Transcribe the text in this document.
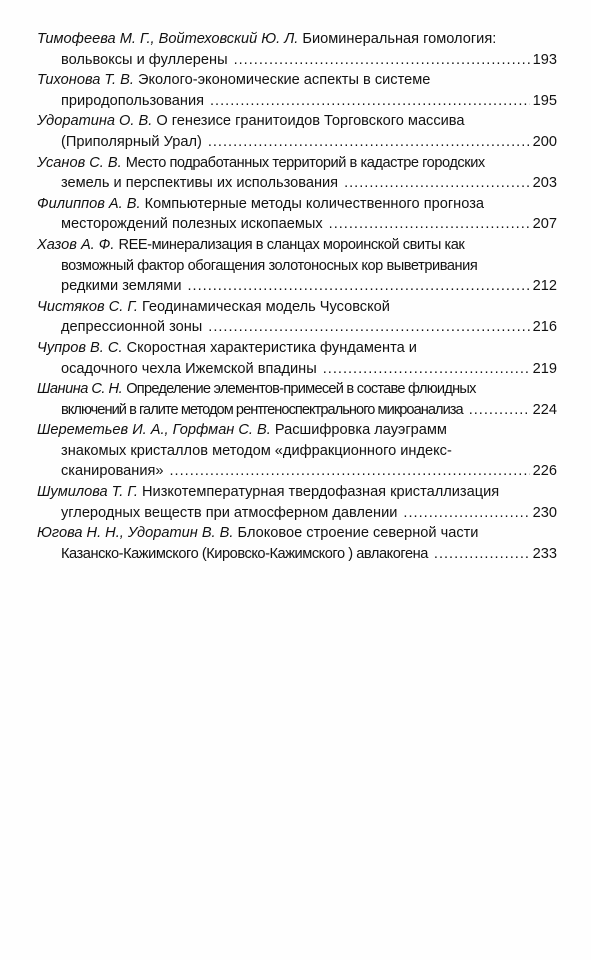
Тимофеева М. Г., Войтеховский Ю. Л.
Биоминеральная гомология:
вольвоксы и фуллерены .....	193
Тихонова Т. В.
Эколого-экономические аспекты в системе
природопользования .....	195
Удоратина О. В.
О генезисе гранитоидов Торговского массива
(Приполярный Урал) .....	200
Усанов С. В.
Место подработанных территорий в кадастре городских
земель и перспективы их использования .....	203
Филиппов А. В.
Компьютерные методы количественного прогноза
месторождений полезных ископаемых .....	207
Хазов А. Ф.
REE-минерализация в сланцах мороинской свиты как
возможный фактор обогащения золотоносных кор выветривания
редкими землями .....	212
Чистяков С. Г.
Геодинамическая модель Чусовской
депрессионной зоны .....	216
Чупров В. С.
Скоростная характеристика фундамента и
осадочного чехла Ижемской впадины .....	219
Шанина С. Н.
Определение элементов-примесей в составе флюидных
включений в галите методом рентгеноспектрального микроанализа .....	224
Шереметьев И. А., Горфман С. В.
Расшифровка лауэграмм
знакомых кристаллов методом «дифракционного индекс-
сканирования» .....	226
Шумилова Т. Г.
Низкотемпературная твердофазная кристаллизация
углеродных веществ при атмосферном давлении .....	230
Югова Н. Н., Удоратин В. В.
Блоковое строение северной части
Казанско-Кажимского (Кировско-Кажимского ) авлакогена .....	233
